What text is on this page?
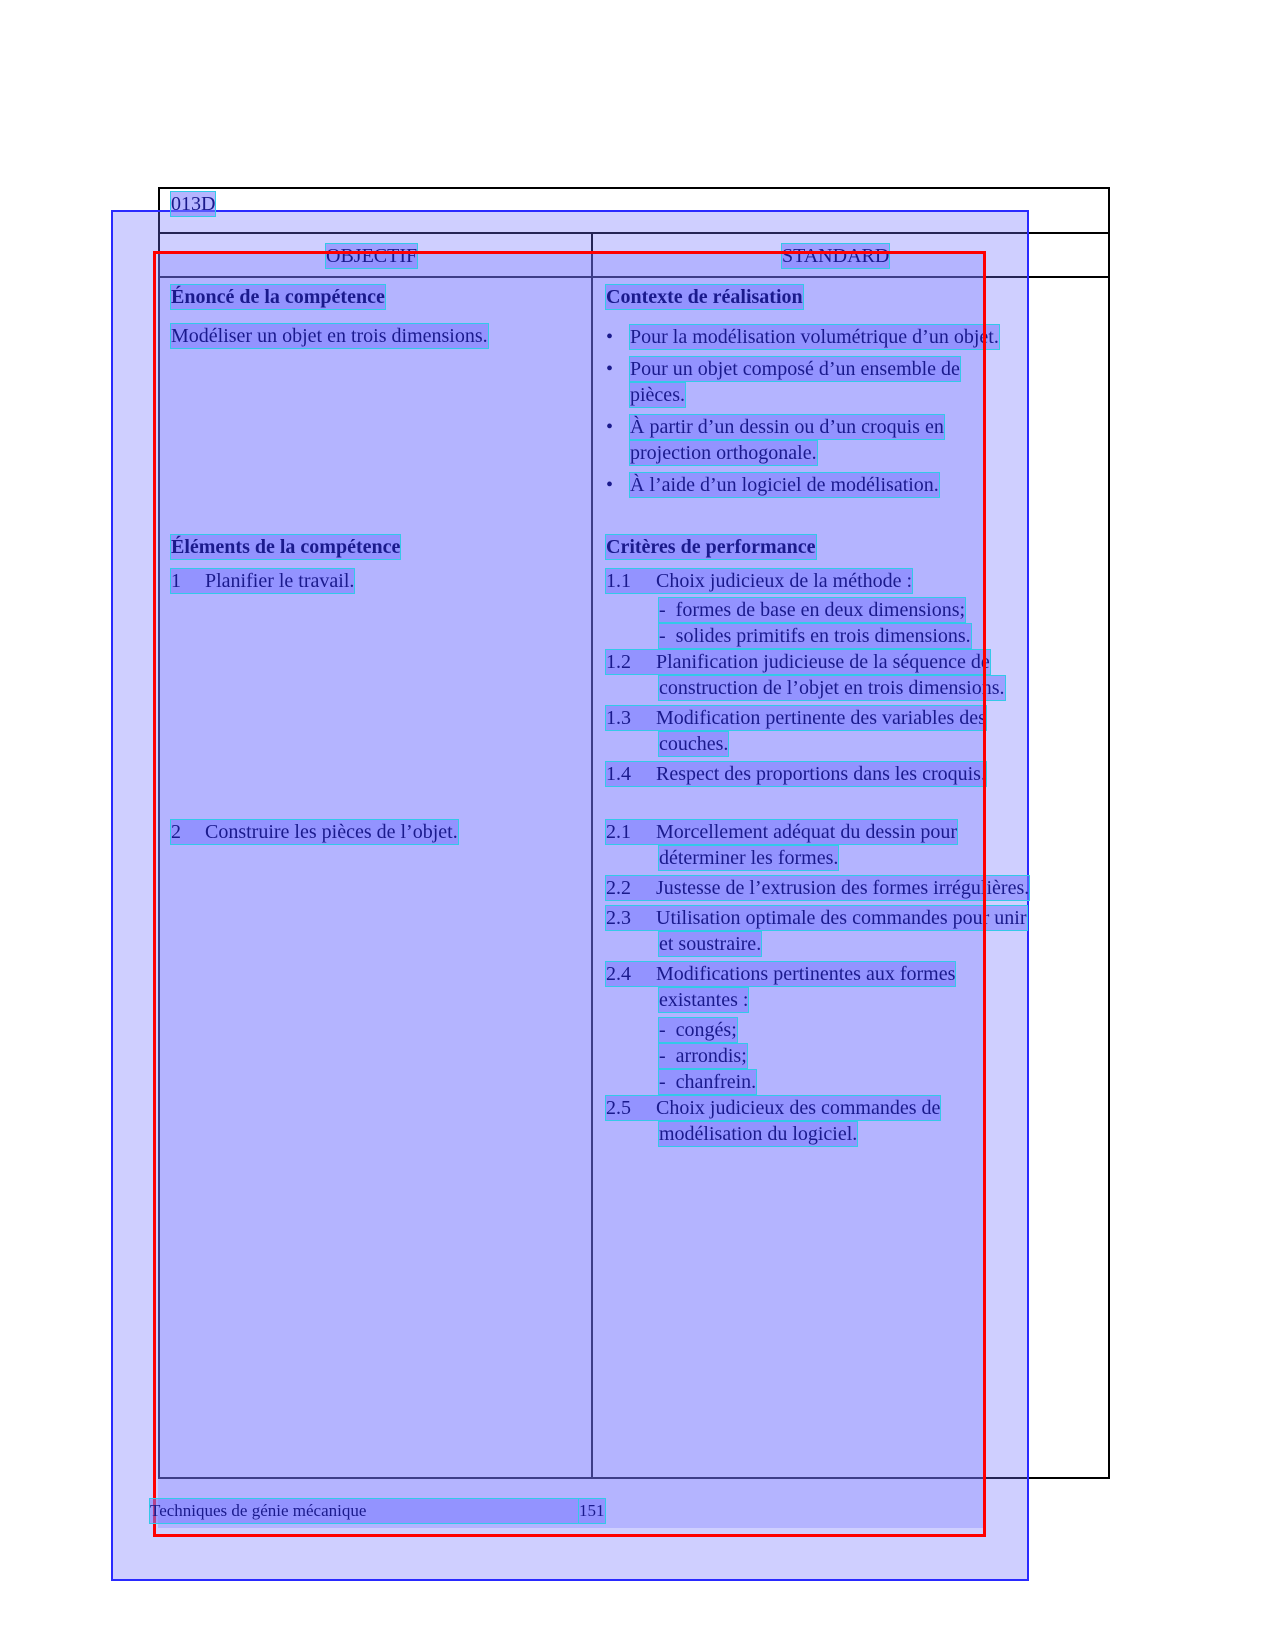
013D
OBJECTIF	STANDARD
Énoncé de la compétence
Modéliser un objet en trois dimensions.
Contexte de réalisation
• Pour la modélisation volumétrique d’un objet.
• Pour un objet composé d’un ensemble de
pièces.
• À partir d’un dessin ou d’un croquis en
projection orthogonale.
• À l’aide d’un logiciel de modélisation.
Éléments de la compétence
1 Planifier le travail.
2 Construire les pièces de l’objet.
Critères de performance
1.1 Choix judicieux de la méthode :
- formes de base en deux dimensions;
- solides primitifs en trois dimensions.
1.2 Planification judicieuse de la séquence de
construction de l’objet en trois dimensions.
1.3 Modification pertinente des variables des
couches.
1.4 Respect des proportions dans les croquis.
2.1 Morcellement adéquat du dessin pour
déterminer les formes.
2.2 Justesse de l’extrusion des formes irrégulières.
2.3 Utilisation optimale des commandes pour unir
et soustraire.
2.4 Modifications pertinentes aux formes
existantes :
- congés;
- arrondis;
- chanfrein.
2.5 Choix judicieux des commandes de
modélisation du logiciel.
Techniques de génie mécanique	151
